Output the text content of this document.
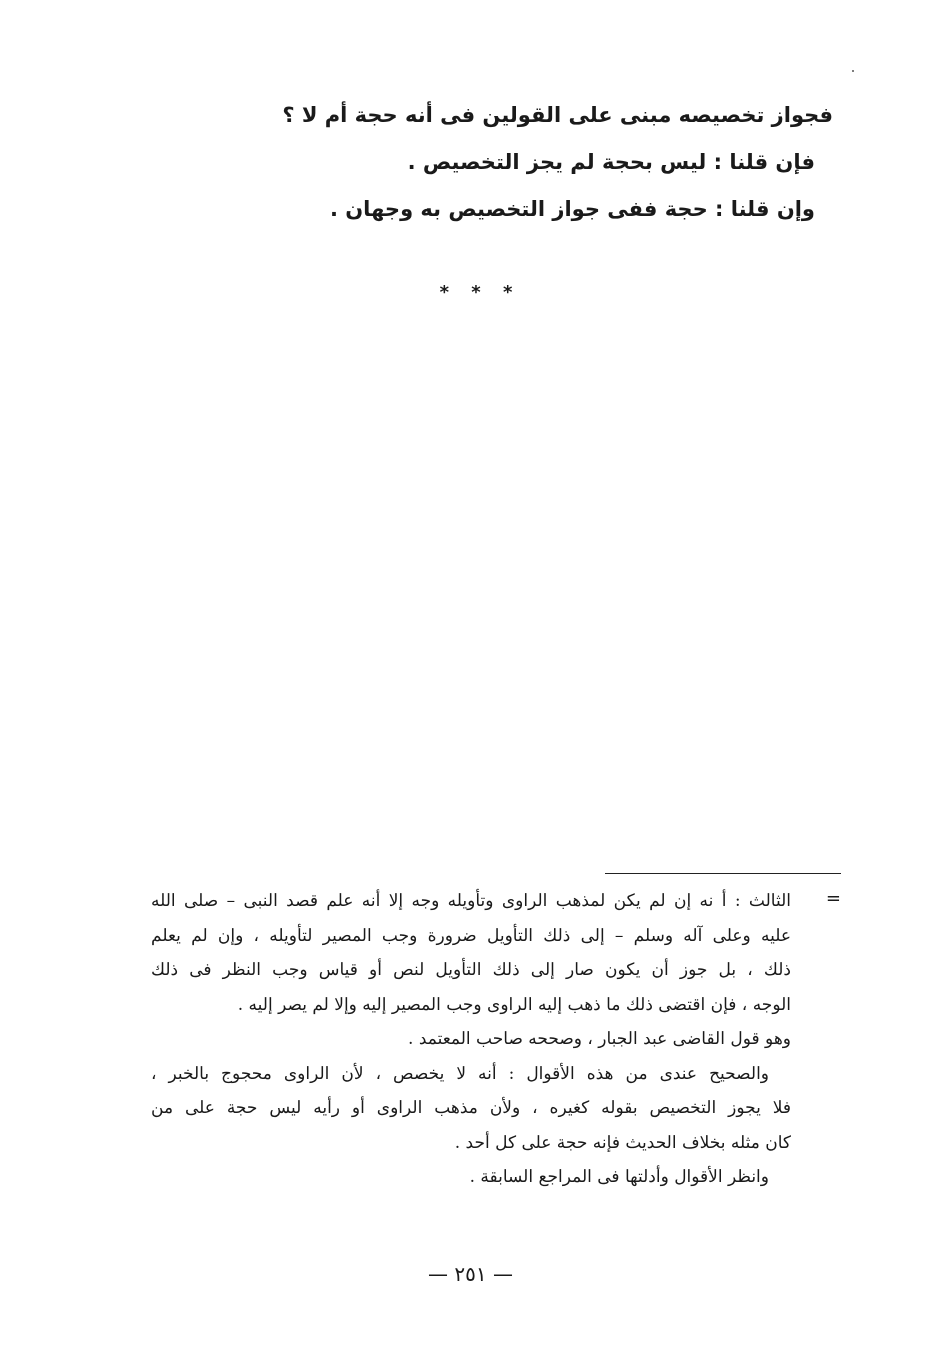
فجواز تخصيصه مبنى على القولين فى أنه حجة أم لا ؟
فإن قلنا : ليس بحجة لم يجز التخصيص .
وإن قلنا : حجة ففى جواز التخصيص به وجهان .
* * *
=
الثالث : أ نه إن لم يكن لمذهب الراوى وتأويله وجه إلا أنه علم قصد النبى – صلى الله
عليه وعلى آله وسلم – إلى ذلك التأويل ضرورة وجب المصير لتأويله ، وإن لم يعلم
ذلك ، بل جوز أن يكون صار إلى ذلك التأويل لنص أو قياس وجب النظر فى ذلك
الوجه ، فإن اقتضى ذلك ما ذهب إليه الراوى وجب المصير إليه وإلا لم يصر إليه .
وهو قول القاضى عبد الجبار ، وصححه صاحب المعتمد .
والصحيح عندى من هذه الأقوال : أنه لا يخصص ، لأن الراوى محجوج بالخبر ،
فلا يجوز التخصيص بقوله كغيره ، ولأن مذهب الراوى أو رأيه ليس حجة على من
كان مثله بخلاف الحديث فإنه حجة على كل أحد .
وانظر الأقوال وأدلتها فى المراجع السابقة .
— ٢٥١ —
